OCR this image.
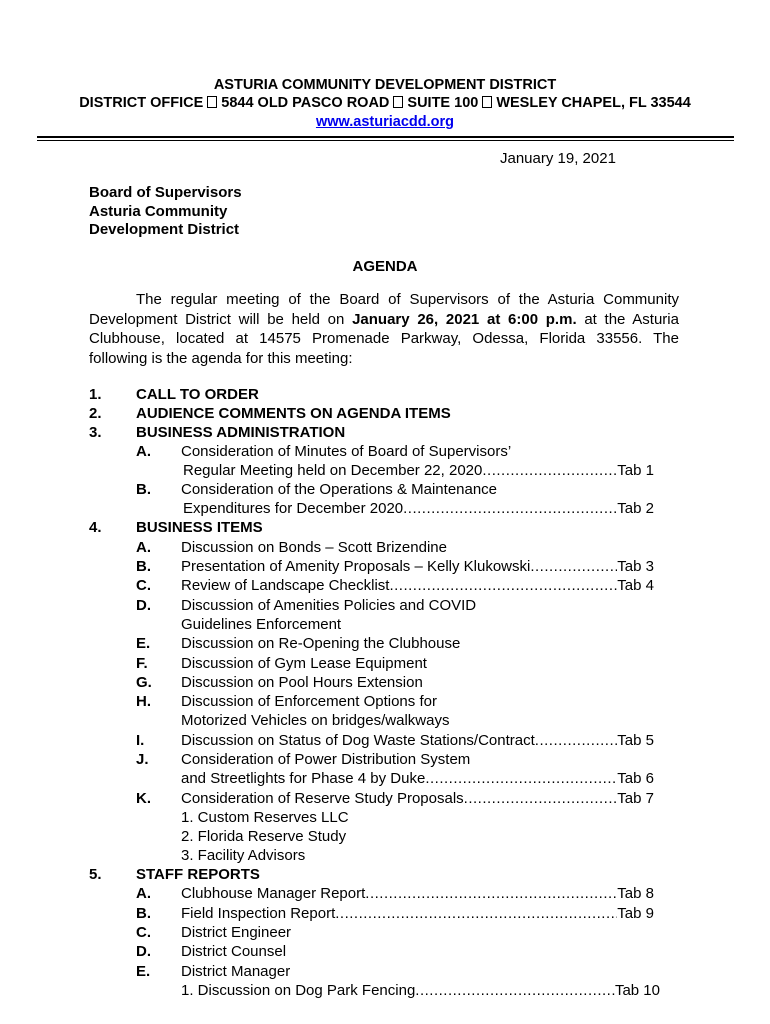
ASTURIA COMMUNITY DEVELOPMENT DISTRICT
DISTRICT OFFICE 5844 OLD PASCO ROAD SUITE 100 WESLEY CHAPEL, FL 33544
www.asturiacdd.org
January 19, 2021
Board of Supervisors
Asturia Community
Development District
AGENDA
The regular meeting of the Board of Supervisors of the Asturia Community
Development District will be held on January 26, 2021 at 6:00 p.m. at the Asturia
Clubhouse, located at 14575 Promenade Parkway, Odessa, Florida 33556. The
following is the agenda for this meeting:
1. CALL TO ORDER
2. AUDIENCE COMMENTS ON AGENDA ITEMS
3. BUSINESS ADMINISTRATION
A. Consideration of Minutes of Board of Supervisors’
Regular Meeting held on December 22, 2020 .....	Tab 1
B. Consideration of the Operations & Maintenance
Expenditures for December 2020 .....	Tab 2
4. BUSINESS ITEMS
A. Discussion on Bonds – Scott Brizendine
B. Presentation of Amenity Proposals – Kelly Klukowski .....	Tab 3
C. Review of Landscape Checklist .....	Tab 4
D. Discussion of Amenities Policies and COVID
Guidelines Enforcement
E. Discussion on Re-Opening the Clubhouse
F. Discussion of Gym Lease Equipment
G. Discussion on Pool Hours Extension
H. Discussion of Enforcement Options for
Motorized Vehicles on bridges/walkways
I. Discussion on Status of Dog Waste Stations/Contract .....	Tab 5
J. Consideration of Power Distribution System
and Streetlights for Phase 4 by Duke .....	Tab 6
K. Consideration of Reserve Study Proposals .....	Tab 7
1. Custom Reserves LLC
2. Florida Reserve Study
3. Facility Advisors
5. STAFF REPORTS
A. Clubhouse Manager Report .....	Tab 8
B. Field Inspection Report .....	Tab 9
C. District Engineer
D. District Counsel
E. District Manager
1. Discussion on Dog Park Fencing .....	Tab 10
